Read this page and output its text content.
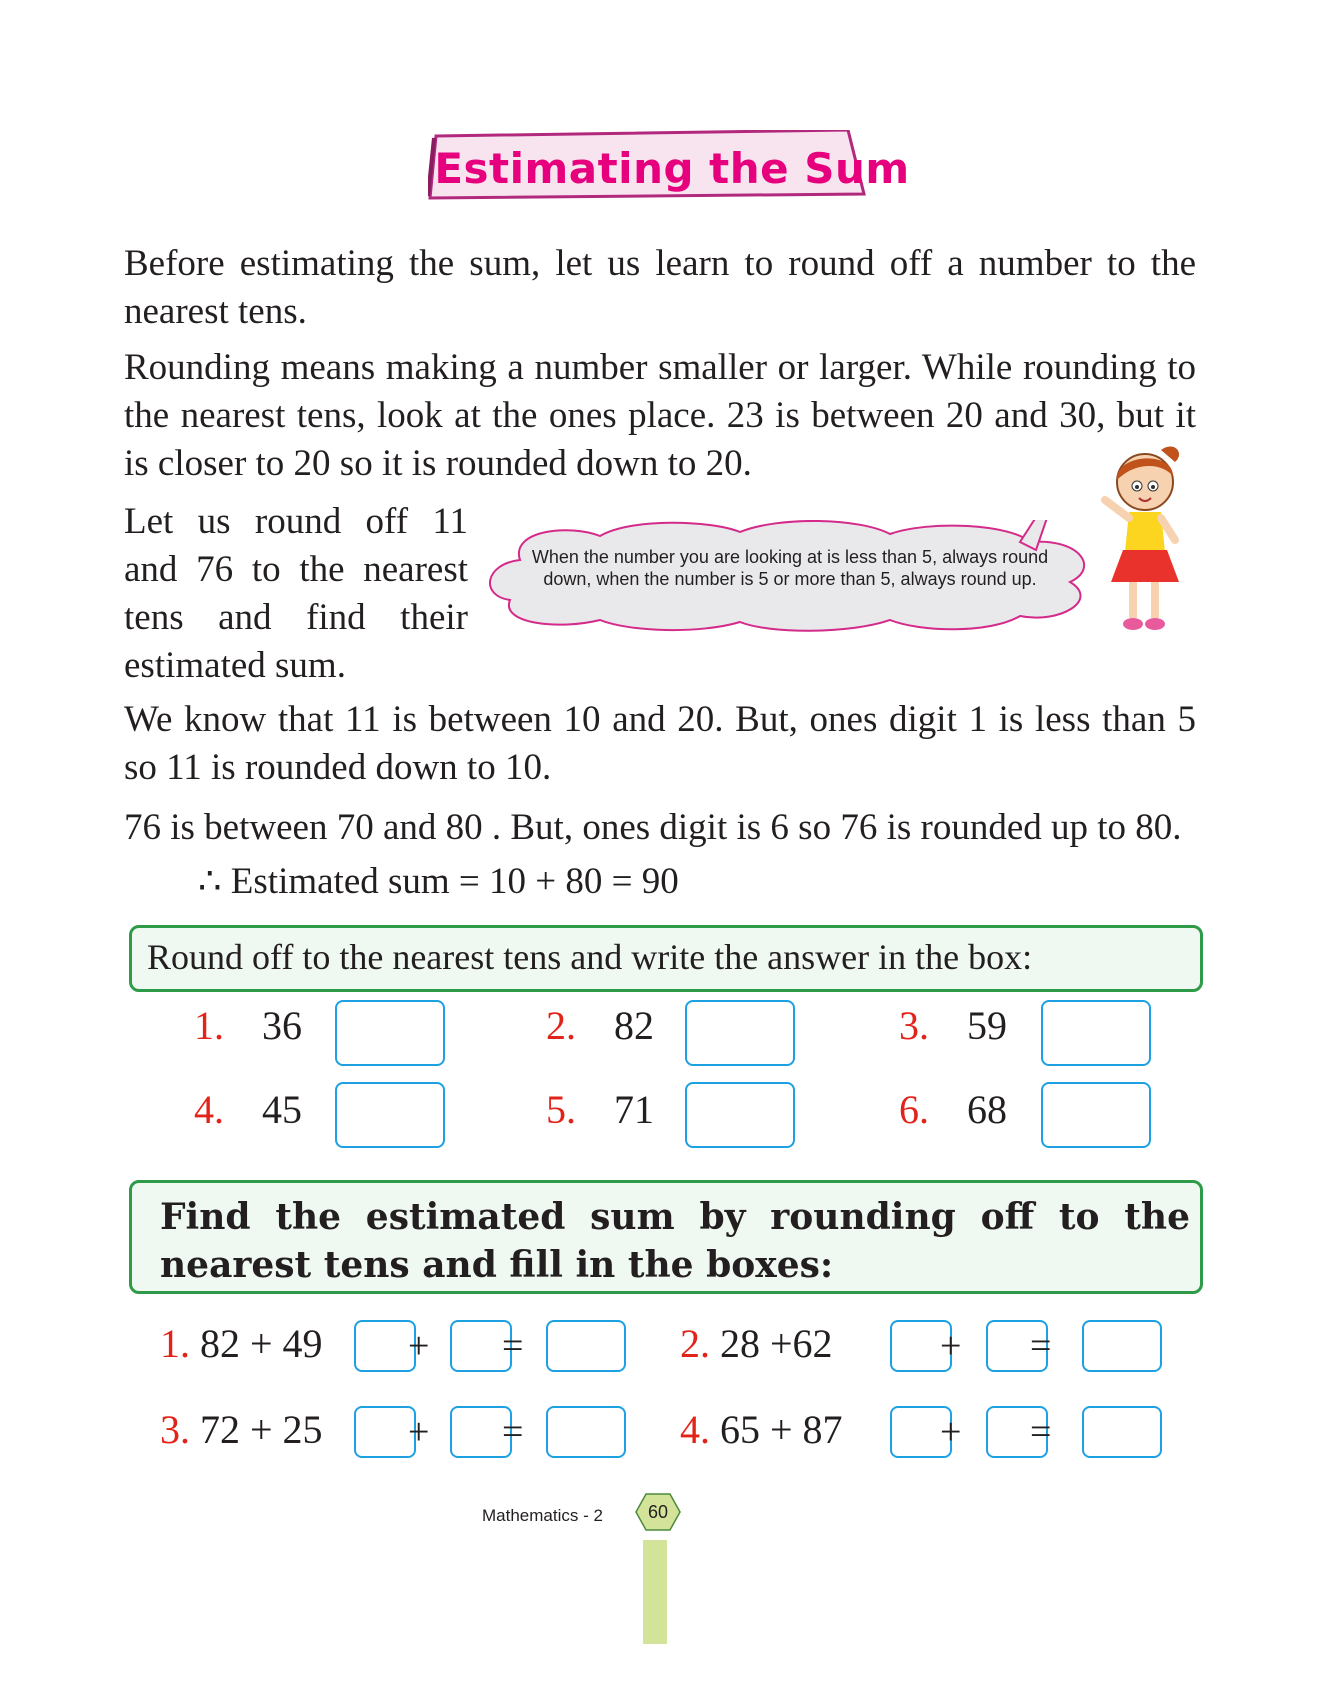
Estimating the Sum
Before estimating the sum, let us learn to round off a number to the nearest tens.
Rounding means making a number smaller or larger. While rounding to the nearest tens, look at the ones place. 23 is between 20 and 30, but it is closer to 20 so it is rounded down to 20.
Let us round off 11 and 76 to the nearest tens and find their estimated sum.
When the number you are looking at is less than 5, always round down, when the number is 5 or more than 5, always round up.
We know that 11 is between 10 and 20. But, ones digit 1 is less than 5 so 11 is rounded down to 10.
76 is between 70 and 80 . But, ones digit is 6 so 76 is rounded up to 80.
∴ Estimated sum = 10 + 80 = 90
Round off to the nearest tens and write the answer in the box:
1. 36	2. 82	3. 59
4. 45	5. 71	6. 68
Find the estimated sum by rounding off to the nearest tens and fill in the boxes:
1. 82 + 49 + =	2. 28 +62	+ =
3. 72 + 25 + =	4. 65 + 87	+ =
Mathematics - 2	60
